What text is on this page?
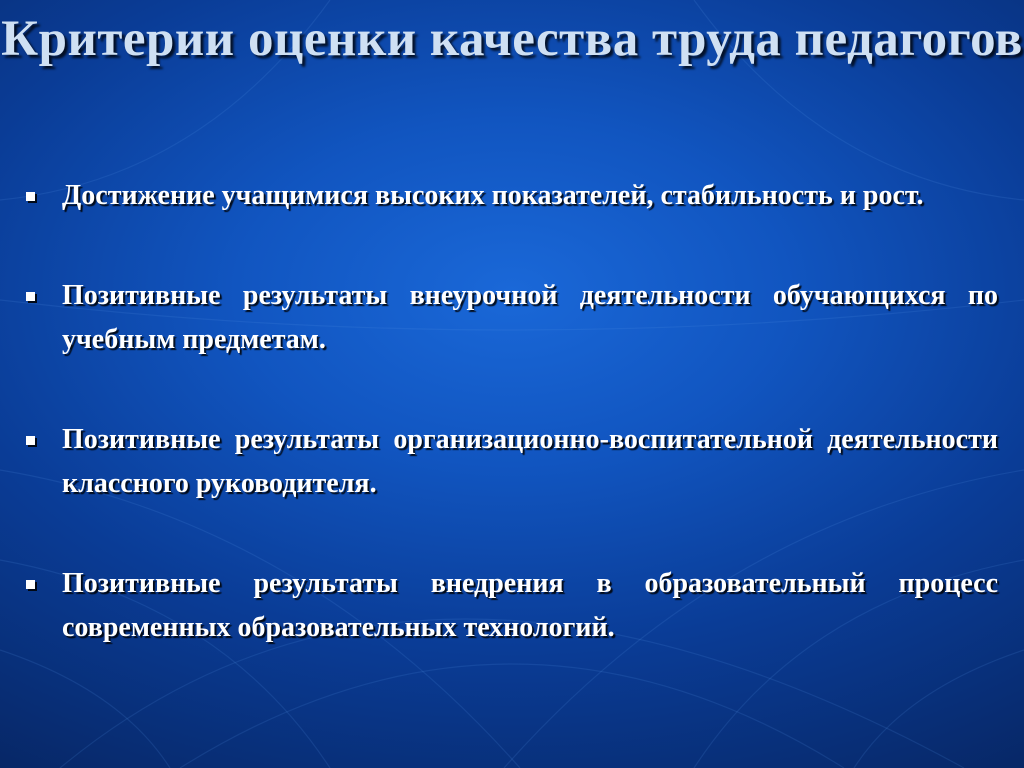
Критерии оценки качества труда педагогов
Достижение учащимися высоких показателей, стабильность и рост.
Позитивные результаты внеурочной деятельности обучающихся по учебным предметам.
Позитивные результаты организационно-воспитательной деятельности классного руководителя.
Позитивные результаты внедрения в образовательный процесс современных образовательных технологий.
